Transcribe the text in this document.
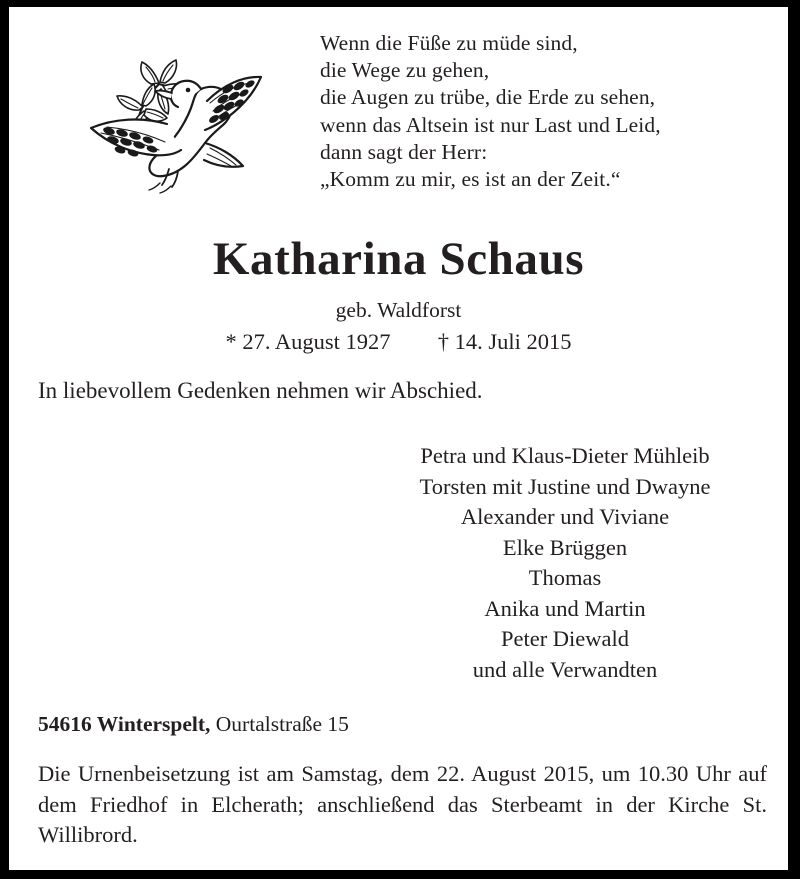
Wenn die Füße zu müde sind,
die Wege zu gehen,
die Augen zu trübe, die Erde zu sehen,
wenn das Altsein ist nur Last und Leid,
dann sagt der Herr:
„Komm zu mir, es ist an der Zeit.“
Katharina Schaus
geb. Waldforst
* 27. August 1927 † 14. Juli 2015
In liebevollem Gedenken nehmen wir Abschied.
Petra und Klaus-Dieter Mühleib
Torsten mit Justine und Dwayne
Alexander und Viviane
Elke Brüggen
Thomas
Anika und Martin
Peter Diewald
und alle Verwandten
54616 Winterspelt, Ourtalstraße 15
Die Urnenbeisetzung ist am Samstag, dem 22. August 2015, um 10.30 Uhr auf dem Friedhof in Elcherath; anschließend das Sterbeamt in der Kirche St. Willibrord.
